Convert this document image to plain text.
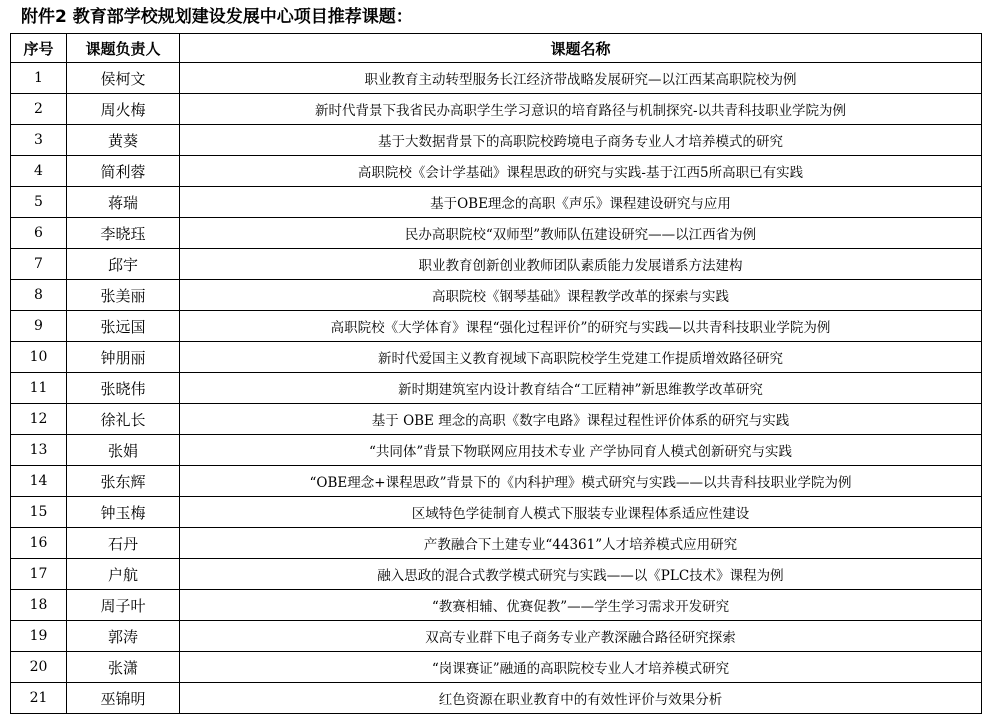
附件2 教育部学校规划建设发展中心项目推荐课题：
序号	课题负责人	课题名称
1	侯柯文	职业教育主动转型服务长江经济带战略发展研究—以江西某高职院校为例
2	周火梅	新时代背景下我省民办高职学生学习意识的培育路径与机制探究-以共青科技职业学院为例
3	黄葵	基于大数据背景下的高职院校跨境电子商务专业人才培养模式的研究
4	简利蓉	高职院校《会计学基础》课程思政的研究与实践-基于江西5所高职已有实践
5	蒋瑞	基于OBE理念的高职《声乐》课程建设研究与应用
6	李晓珏	民办高职院校“双师型”教师队伍建设研究——以江西省为例
7	邱宇	职业教育创新创业教师团队素质能力发展谱系方法建构
8	张美丽	高职院校《钢琴基础》课程教学改革的探索与实践
9	张远国	高职院校《大学体育》课程“强化过程评价”的研究与实践—以共青科技职业学院为例
10	钟朋丽	新时代爱国主义教育视域下高职院校学生党建工作提质增效路径研究
11	张晓伟	新时期建筑室内设计教育结合“工匠精神”新思维教学改革研究
12	徐礼长	基于 OBE 理念的高职《数字电路》课程过程性评价体系的研究与实践
13	张娟	“共同体”背景下物联网应用技术专业 产学协同育人模式创新研究与实践
14	张东辉	“OBE理念+课程思政”背景下的《内科护理》模式研究与实践——以共青科技职业学院为例
15	钟玉梅	区域特色学徒制育人模式下服装专业课程体系适应性建设
16	石丹	产教融合下土建专业“44361”人才培养模式应用研究
17	户航	融入思政的混合式教学模式研究与实践——以《PLC技术》课程为例
18	周子叶	“教赛相辅、优赛促教”——学生学习需求开发研究
19	郭涛	双高专业群下电子商务专业产教深融合路径研究探索
20	张潇	“岗课赛证”融通的高职院校专业人才培养模式研究
21	巫锦明	红色资源在职业教育中的有效性评价与效果分析
